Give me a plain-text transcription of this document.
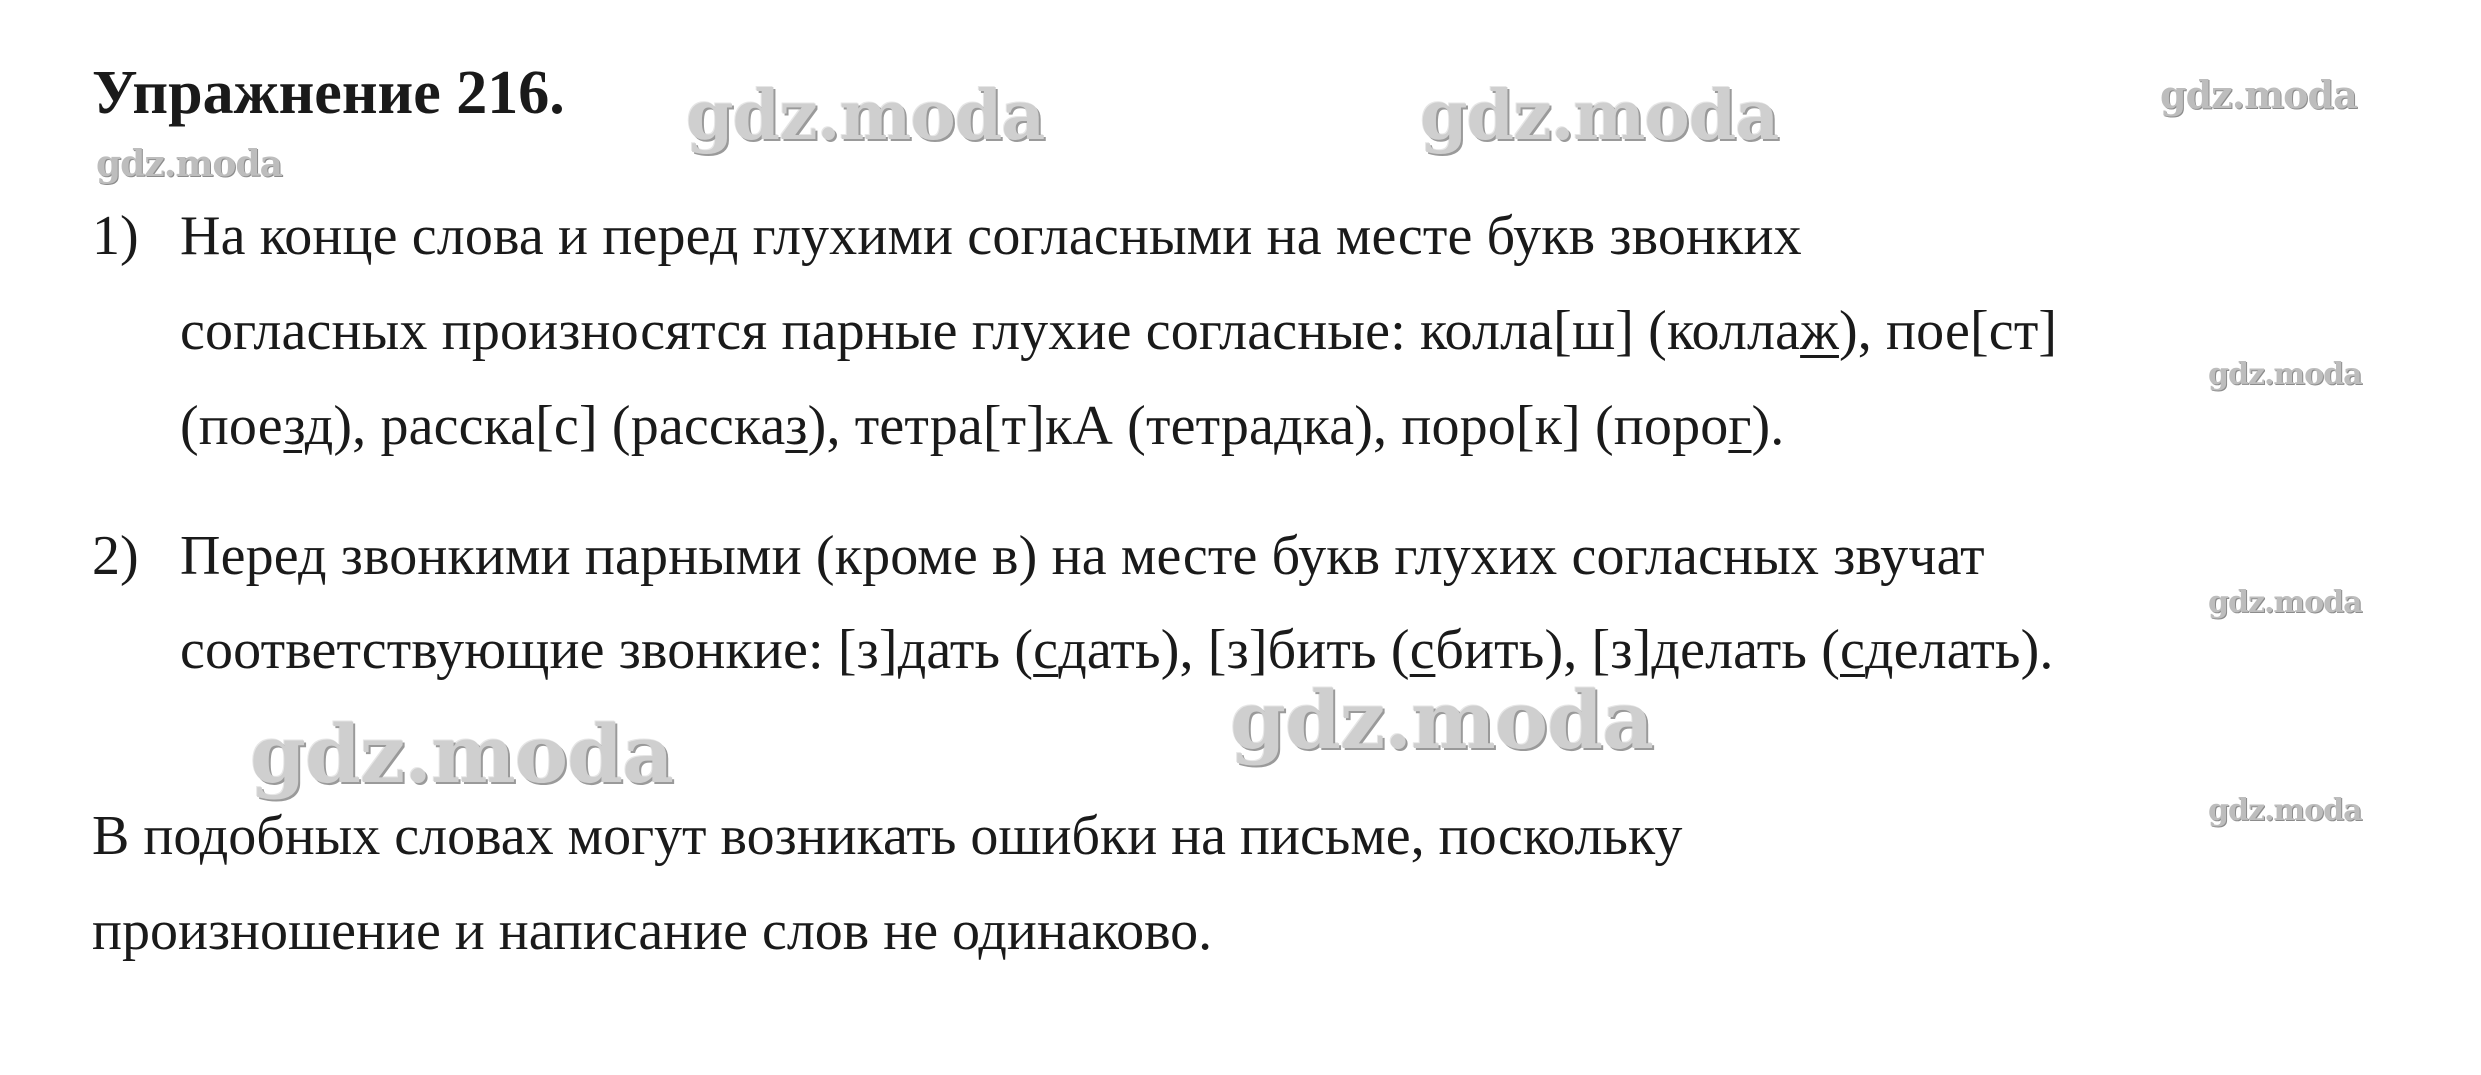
gdz.moda	gdz.moda	gdz.moda
gdz.moda
gdz.moda
gdz.moda
gdz.moda	gdz.moda
gdz.moda
Упражнение 216.
1) На конце слова и перед глухими согласными на месте букв звонких
согласных произносятся парные глухие согласные: колла[ш] (коллаж), пое[ст]
(поезд), расска[с] (рассказ), тетра[т]кА (тетрадка), поро[к] (порог).
2) Перед звонкими парными (кроме в) на месте букв глухих согласных звучат
соответствующие звонкие: [з]дать (сдать), [з]бить (сбить), [з]делать (сделать).
В подобных словах могут возникать ошибки на письме, поскольку
произношение и написание слов не одинаково.
